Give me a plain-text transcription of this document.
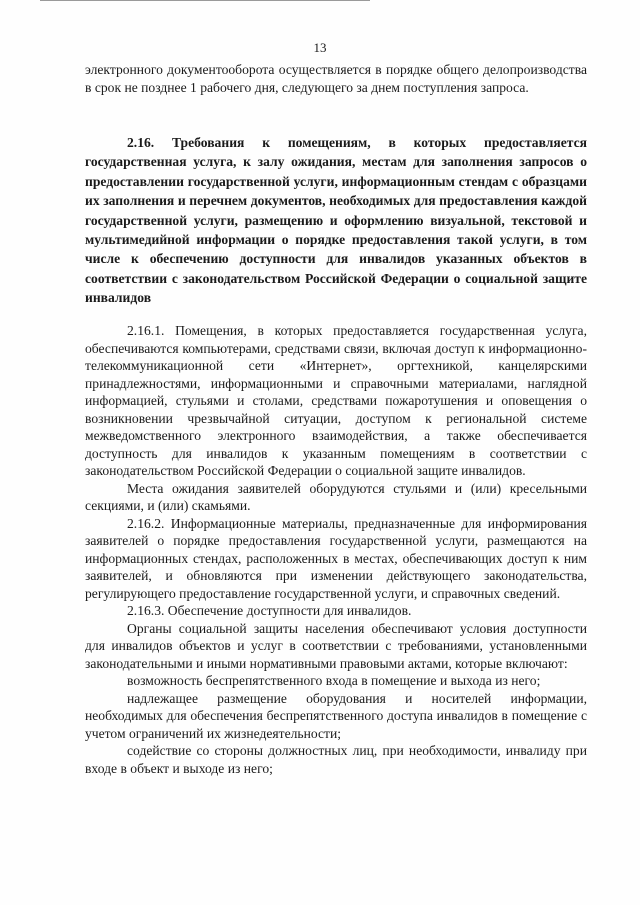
13

электронного документооборота осуществляется в порядке общего делопроизводства в срок не позднее 1 рабочего дня, следующего за днем поступления запроса.

2.16. Требования к помещениям, в которых предоставляется государственная услуга, к залу ожидания, местам для заполнения запросов о предоставлении государственной услуги, информационным стендам с образцами их заполнения и перечнем документов, необходимых для предоставления каждой государственной услуги, размещению и оформлению визуальной, текстовой и мультимедийной информации о порядке предоставления такой услуги, в том числе к обеспечению доступности для инвалидов указанных объектов в соответствии с законодательством Российской Федерации о социальной защите инвалидов

2.16.1. Помещения, в которых предоставляется государственная услуга, обеспечиваются компьютерами, средствами связи, включая доступ к информационно-телекоммуникационной сети «Интернет», оргтехникой, канцелярскими принадлежностями, информационными и справочными материалами, наглядной информацией, стульями и столами, средствами пожаротушения и оповещения о возникновении чрезвычайной ситуации, доступом к региональной системе межведомственного электронного взаимодействия, а также обеспечивается доступность для инвалидов к указанным помещениям в соответствии с законодательством Российской Федерации о социальной защите инвалидов.

Места ожидания заявителей оборудуются стульями и (или) кресельными секциями, и (или) скамьями.

2.16.2. Информационные материалы, предназначенные для информирования заявителей о порядке предоставления государственной услуги, размещаются на информационных стендах, расположенных в местах, обеспечивающих доступ к ним заявителей, и обновляются при изменении действующего законодательства, регулирующего предоставление государственной услуги, и справочных сведений.

2.16.3. Обеспечение доступности для инвалидов.

Органы социальной защиты населения обеспечивают условия доступности для инвалидов объектов и услуг в соответствии с требованиями, установленными законодательными и иными нормативными правовыми актами, которые включают:

возможность беспрепятственного входа в помещение и выхода из него;

надлежащее размещение оборудования и носителей информации, необходимых для обеспечения беспрепятственного доступа инвалидов в помещение с учетом ограничений их жизнедеятельности;

содействие со стороны должностных лиц, при необходимости, инвалиду при входе в объект и выходе из него;
